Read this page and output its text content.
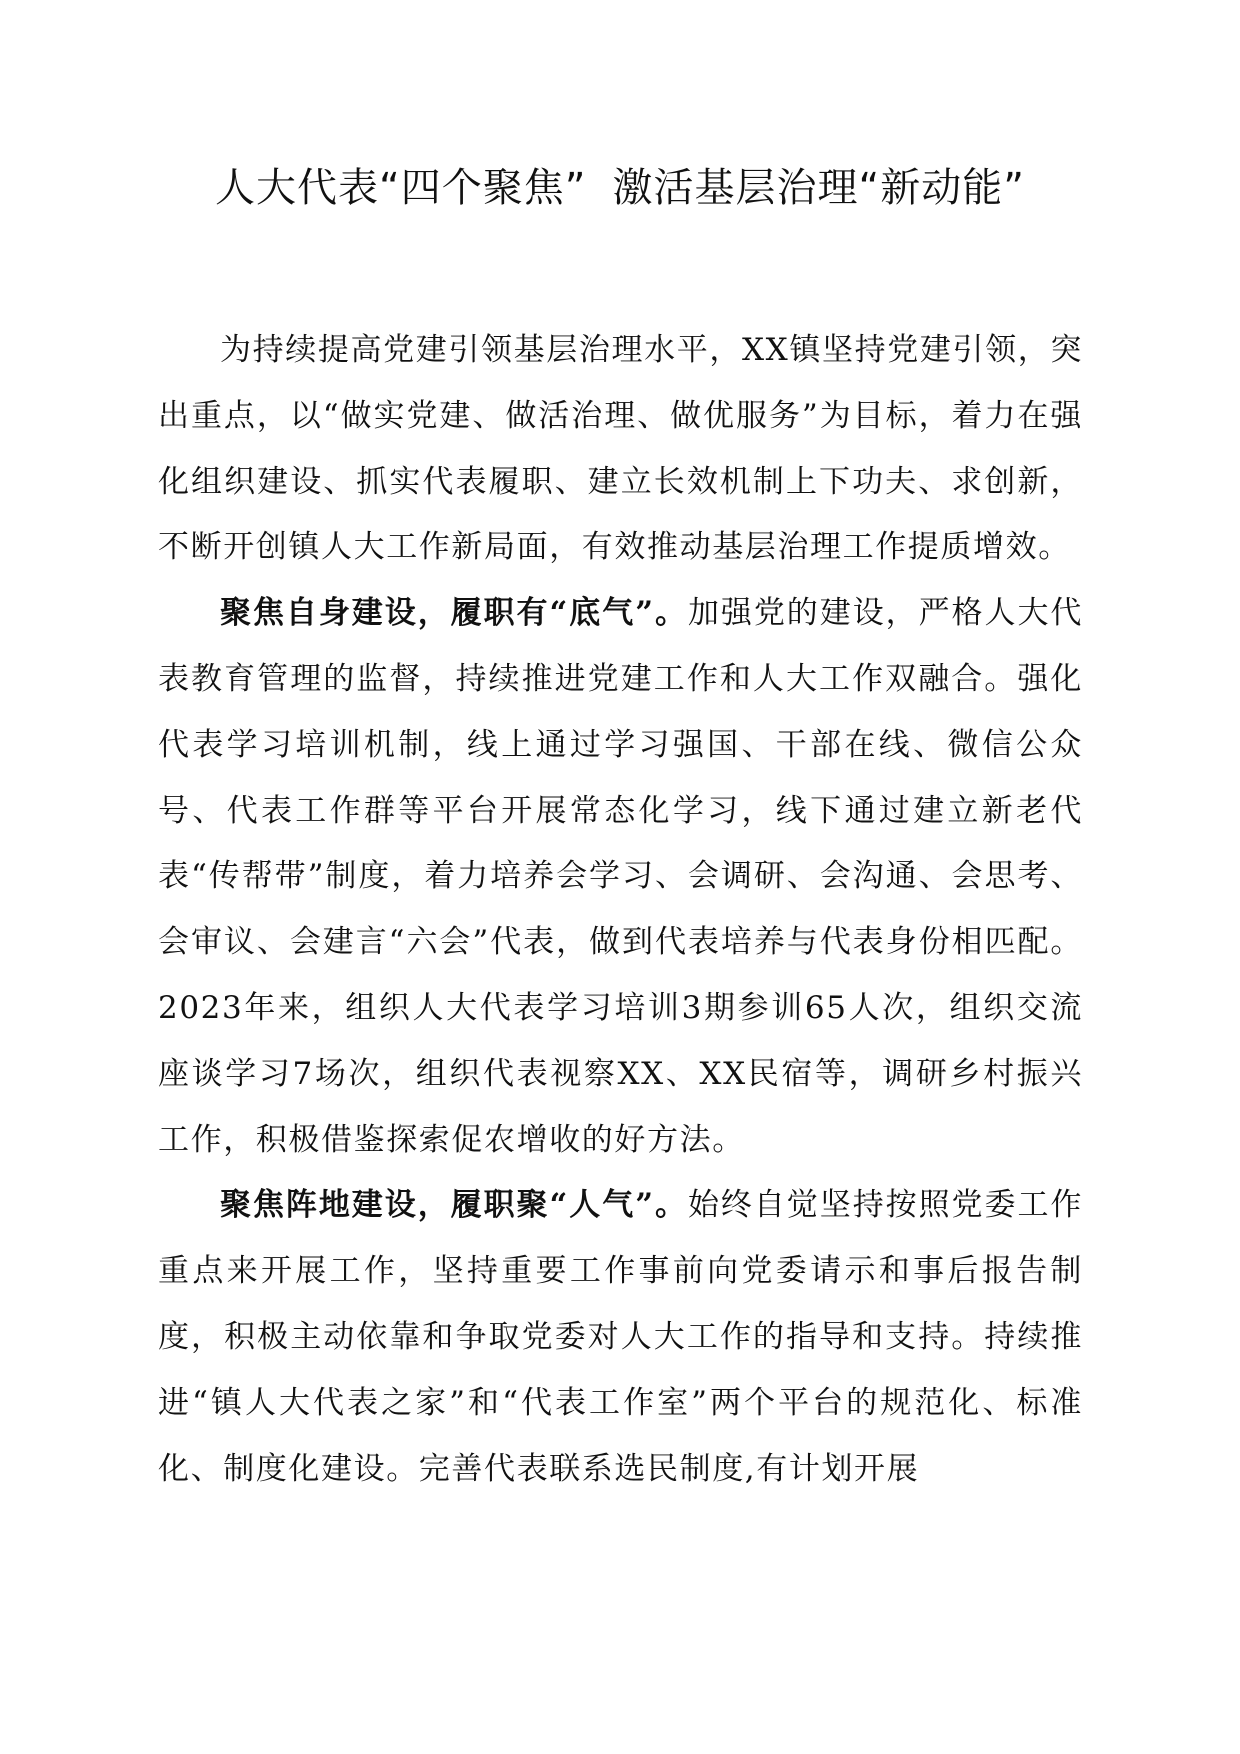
人大代表“四个聚焦” 激活基层治理“新动能”

为持续提高党建引领基层治理水平，XX镇坚持党建引领，突出重点，以“做实党建、做活治理、做优服务”为目标，着力在强化组织建设、抓实代表履职、建立长效机制上下功夫、求创新，不断开创镇人大工作新局面，有效推动基层治理工作提质增效。

聚焦自身建设，履职有“底气”。加强党的建设，严格人大代表教育管理的监督，持续推进党建工作和人大工作双融合。强化代表学习培训机制，线上通过学习强国、干部在线、微信公众号、代表工作群等平台开展常态化学习，线下通过建立新老代表“传帮带”制度，着力培养会学习、会调研、会沟通、会思考、会审议、会建言“六会”代表，做到代表培养与代表身份相匹配。2023年来，组织人大代表学习培训3期参训65人次，组织交流座谈学习7场次，组织代表视察XX、XX民宿等，调研乡村振兴工作，积极借鉴探索促农增收的好方法。

聚焦阵地建设，履职聚“人气”。始终自觉坚持按照党委工作重点来开展工作，坚持重要工作事前向党委请示和事后报告制度，积极主动依靠和争取党委对人大工作的指导和支持。持续推进“镇人大代表之家”和“代表工作室”两个平台的规范化、标准化、制度化建设。完善代表联系选民制度,有计划开展
